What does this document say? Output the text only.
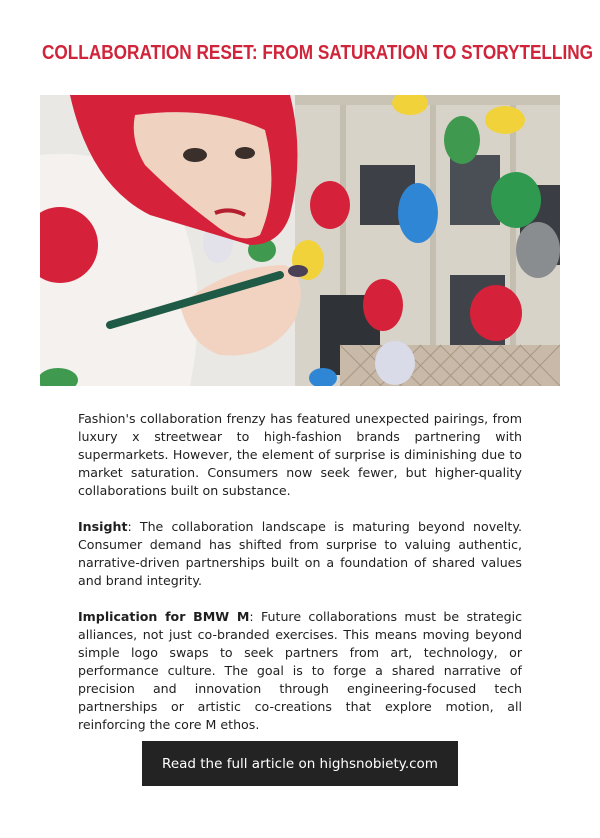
COLLABORATION RESET: FROM SATURATION TO STORYTELLING

Fashion's collaboration frenzy has featured unexpected pairings, from luxury x streetwear to high-fashion brands partnering with supermarkets. However, the element of surprise is diminishing due to market saturation. Consumers now seek fewer, but higher-quality collaborations built on substance.

Insight: The collaboration landscape is maturing beyond novelty. Consumer demand has shifted from surprise to valuing authentic, narrative-driven partnerships built on a foundation of shared values and brand integrity.

Implication for BMW M: Future collaborations must be strategic alliances, not just co-branded exercises. This means moving beyond simple logo swaps to seek partners from art, technology, or performance culture. The goal is to forge a shared narrative of precision and innovation through engineering-focused tech partnerships or artistic co-creations that explore motion, all reinforcing the core M ethos.

Read the full article on highsnobiety.com
